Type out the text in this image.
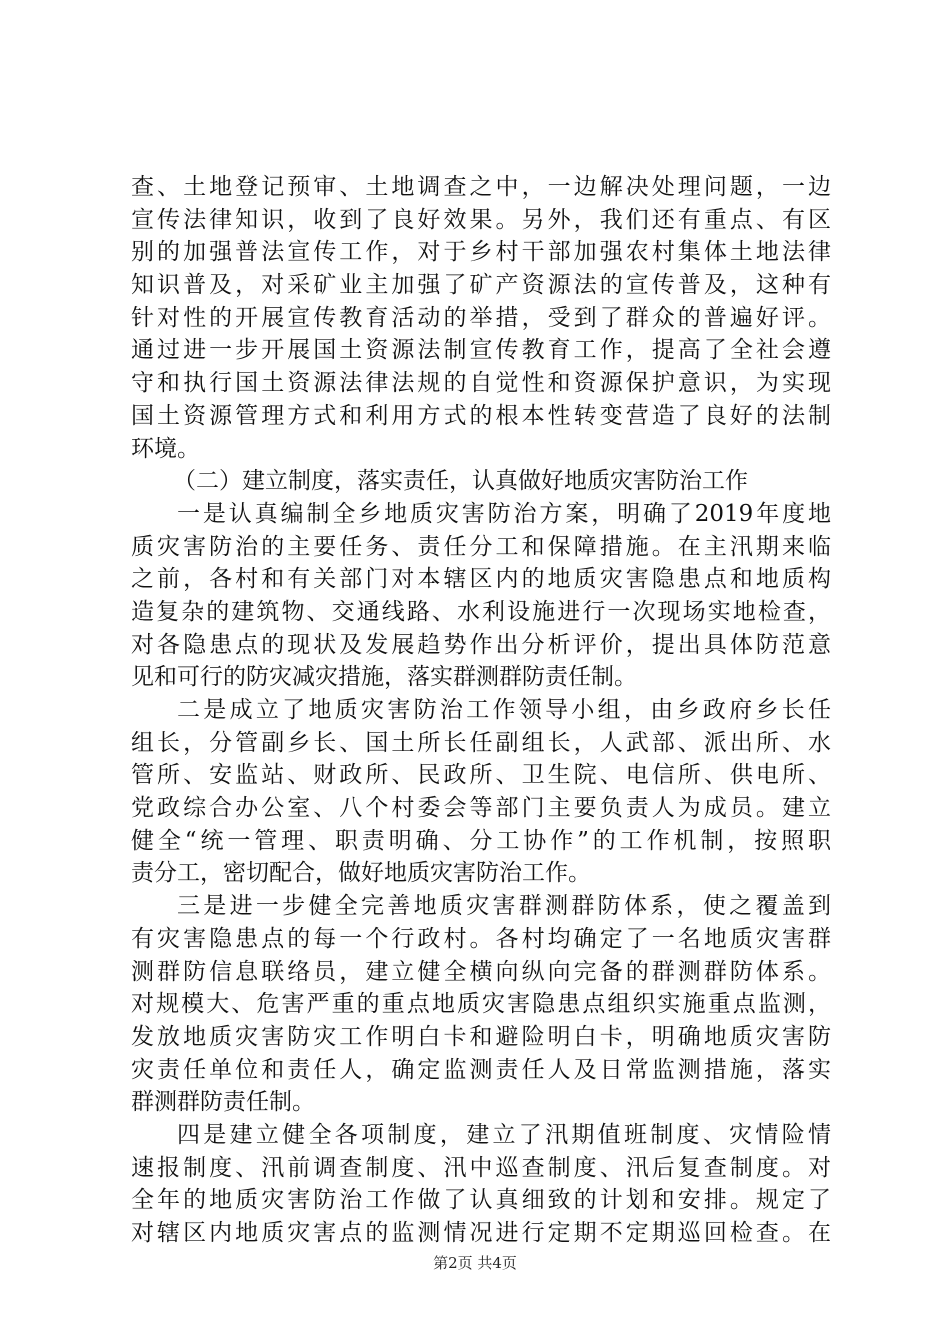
查、土地登记预审、土地调查之中，一边解决处理问题，一边
宣传法律知识，收到了良好效果。另外，我们还有重点、有区
别的加强普法宣传工作，对于乡村干部加强农村集体土地法律
知识普及，对采矿业主加强了矿产资源法的宣传普及，这种有
针对性的开展宣传教育活动的举措，受到了群众的普遍好评。
通过进一步开展国土资源法制宣传教育工作，提高了全社会遵
守和执行国土资源法律法规的自觉性和资源保护意识，为实现
国土资源管理方式和利用方式的根本性转变营造了良好的法制
环境。
（二）建立制度，落实责任，认真做好地质灾害防治工作
一是认真编制全乡地质灾害防治方案，明确了2019年度地
质灾害防治的主要任务、责任分工和保障措施。在主汛期来临
之前，各村和有关部门对本辖区内的地质灾害隐患点和地质构
造复杂的建筑物、交通线路、水利设施进行一次现场实地检查，
对各隐患点的现状及发展趋势作出分析评价，提出具体防范意
见和可行的防灾减灾措施，落实群测群防责任制。
二是成立了地质灾害防治工作领导小组，由乡政府乡长任
组长，分管副乡长、国土所长任副组长，人武部、派出所、水
管所、安监站、财政所、民政所、卫生院、电信所、供电所、
党政综合办公室、八个村委会等部门主要负责人为成员。建立
健全“统一管理、职责明确、分工协作”的工作机制，按照职
责分工，密切配合，做好地质灾害防治工作。
三是进一步健全完善地质灾害群测群防体系，使之覆盖到
有灾害隐患点的每一个行政村。各村均确定了一名地质灾害群
测群防信息联络员，建立健全横向纵向完备的群测群防体系。
对规模大、危害严重的重点地质灾害隐患点组织实施重点监测，
发放地质灾害防灾工作明白卡和避险明白卡，明确地质灾害防
灾责任单位和责任人，确定监测责任人及日常监测措施，落实
群测群防责任制。
四是建立健全各项制度，建立了汛期值班制度、灾情险情
速报制度、汛前调查制度、汛中巡查制度、汛后复查制度。对
全年的地质灾害防治工作做了认真细致的计划和安排。规定了
对辖区内地质灾害点的监测情况进行定期不定期巡回检查。在
第2页 共4页
